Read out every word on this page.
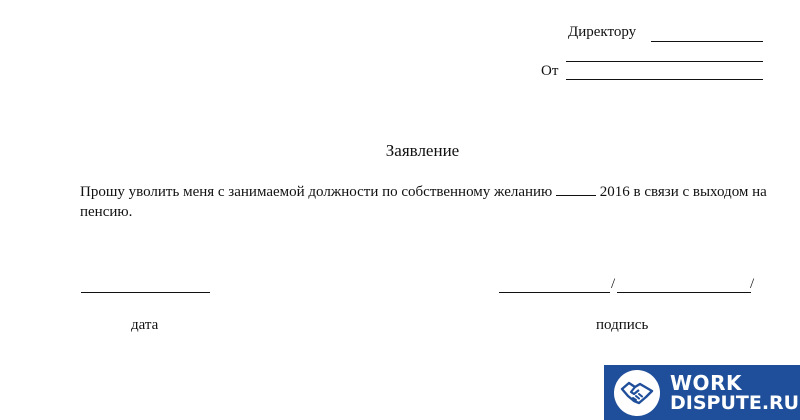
Директору
От
Заявление
Прошу уволить меня с занимаемой должности по собственному желанию	2016 в связи с выходом на пенсию.
/	/
дата	подпись
WORK
DISPUTE.RU
